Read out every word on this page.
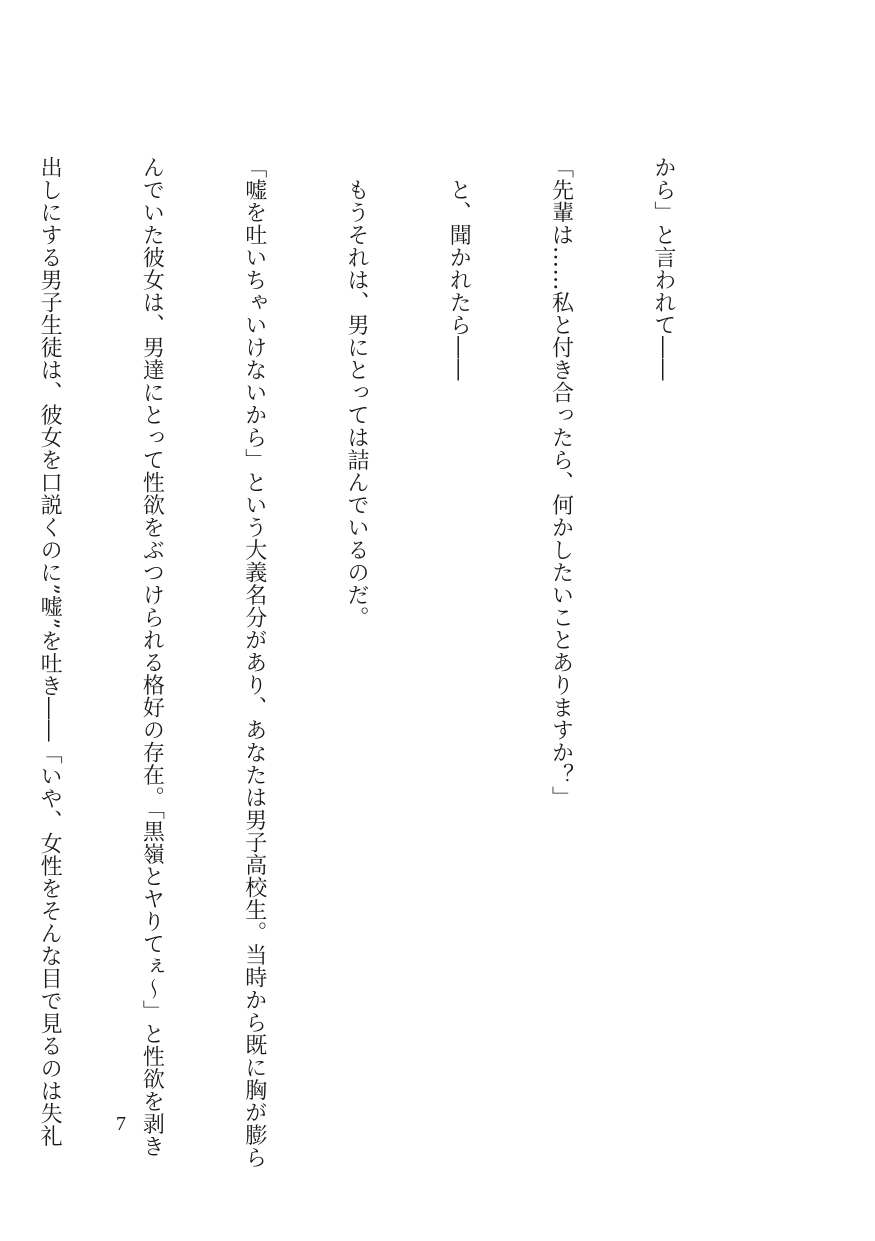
から」と言われて――

「先輩は……私と付き合ったら、何かしたいことありますか？」

　と、聞かれたら――

　もうそれは、男にとっては詰んでいるのだ。

「嘘を吐いちゃいけないから」という大義名分があり、あなたは男子高校生。当時から既に胸が膨ら

んでいた彼女は、男達にとって性欲をぶつけられる格好の存在。「黒嶺とヤりてぇ～」と性欲を剥き

出しにする男子生徒は、彼女を口説くのに”嘘”を吐き――「いや、女性をそんな目で見るのは失礼

	7
